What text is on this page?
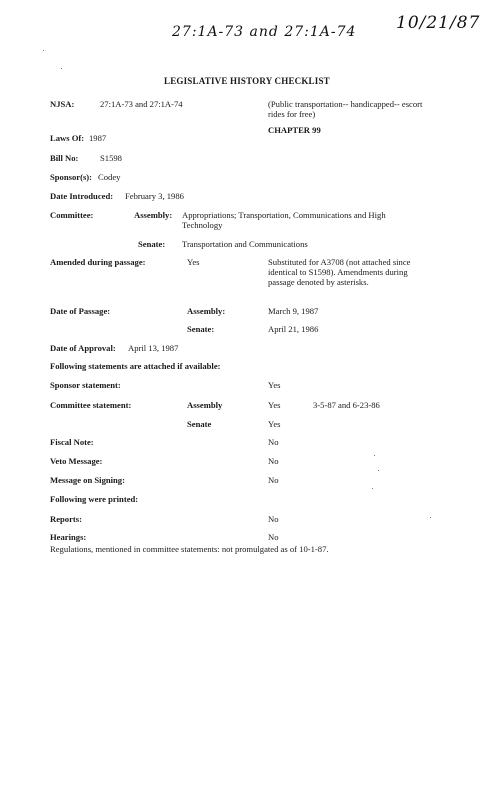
27:1A-73 and 27:1A-74 10/21/87
LEGISLATIVE HISTORY CHECKLIST
NJSA:	27:1A-73 and 27:1A-74	(Public transportation-- handicapped-- escort rides for free)
CHAPTER 99
Laws Of: 1987
Bill No:	S1598
Sponsor(s): Codey
Date Introduced: February 3, 1986
Committee:	Assembly: Appropriations; Transportation, Communications and High Technology
Senate: Transportation and Communications
Amended during passage:	Yes	Substituted for A3708 (not attached since identical to S1598). Amendments during passage denoted by asterisks.
Date of Passage:	Assembly:	March 9, 1987
Senate:	April 21, 1986
Date of Approval: April 13, 1987
Following statements are attached if available:
Sponsor statement:	Yes
Committee statement:	Assembly	Yes	3-5-87 and 6-23-86
Senate	Yes
Fiscal Note:	No
Veto Message:	No
Message on Signing:	No
Following were printed:
Reports:	No
Hearings:	No
Regulations, mentioned in committee statements: not promulgated as of 10-1-87.
